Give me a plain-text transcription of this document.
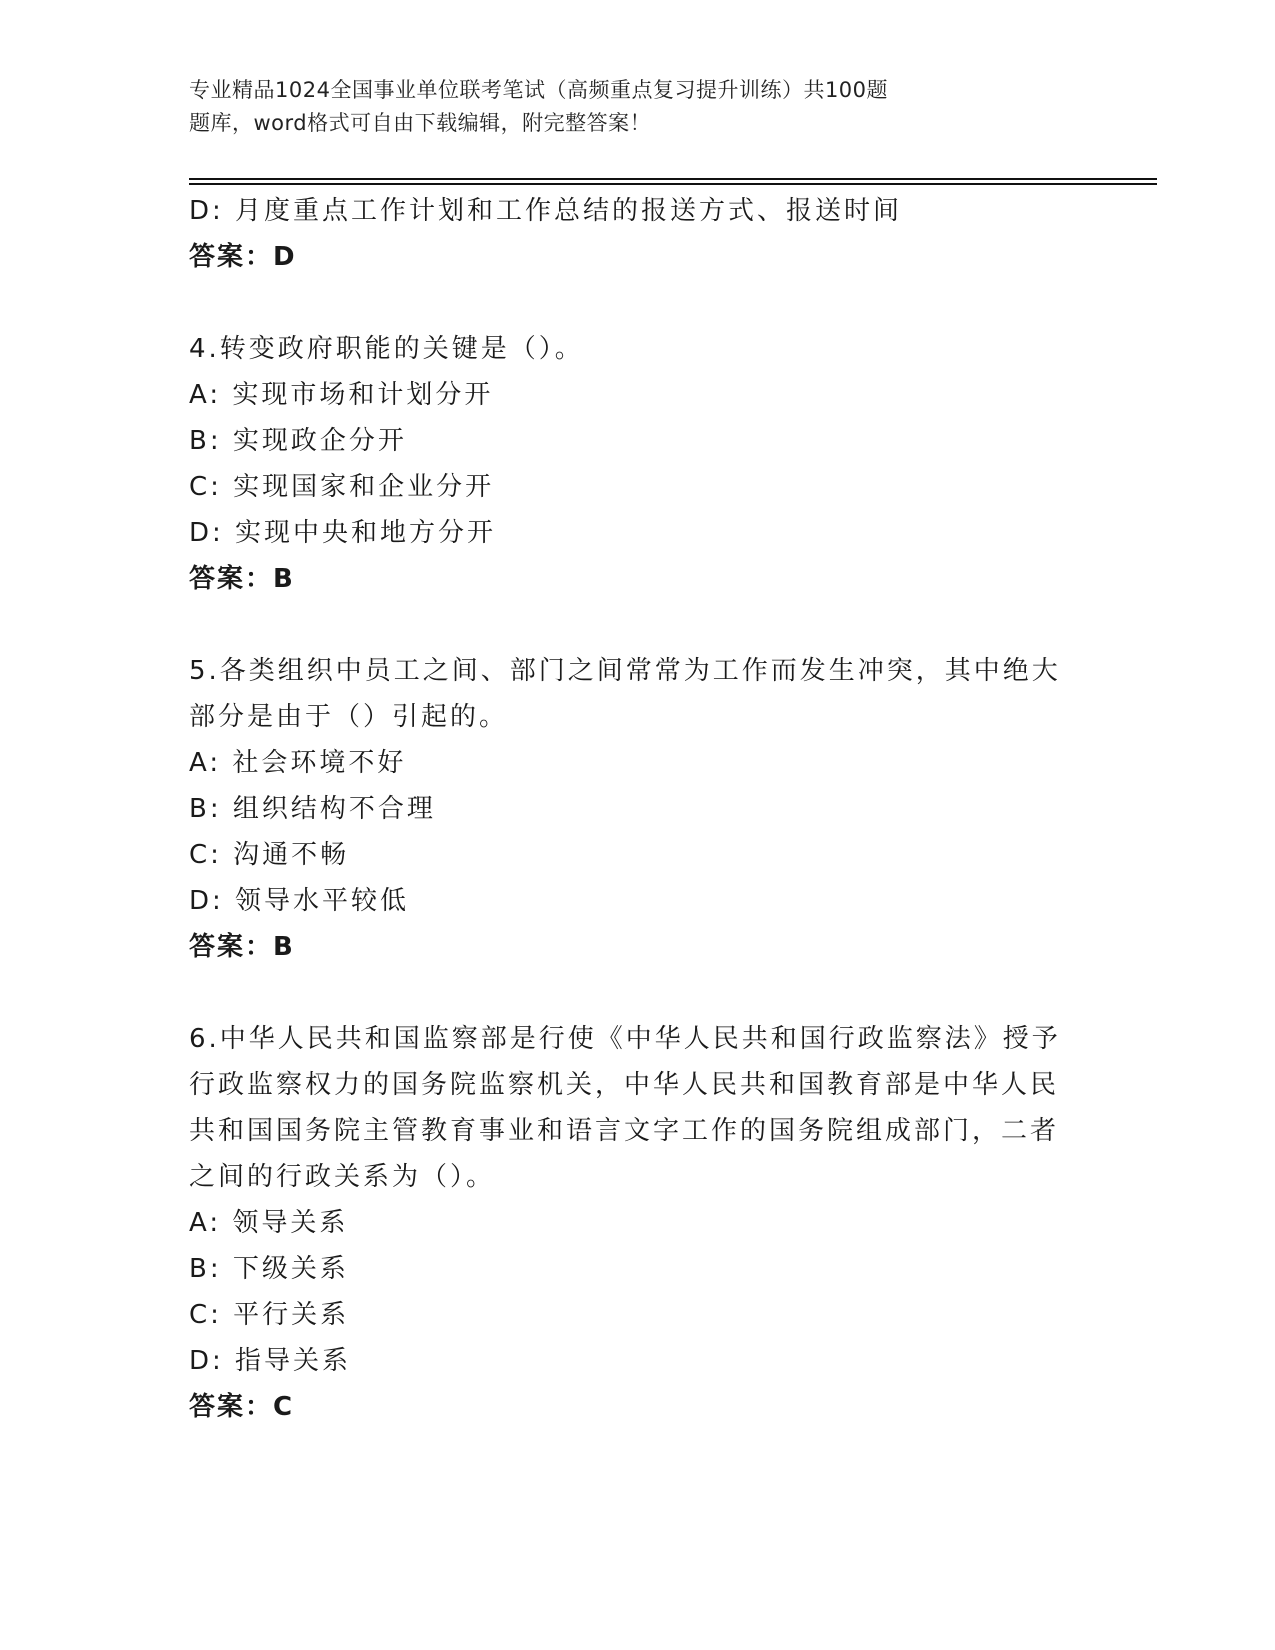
专业精品1024全国事业单位联考笔试（高频重点复习提升训练）共100题
题库，word格式可自由下载编辑，附完整答案！
D: 月度重点工作计划和工作总结的报送方式、报送时间
答案：D
4.转变政府职能的关键是（）。
A: 实现市场和计划分开
B: 实现政企分开
C: 实现国家和企业分开
D: 实现中央和地方分开
答案：B
5.各类组织中员工之间、部门之间常常为工作而发生冲突，其中绝大
部分是由于（）引起的。
A: 社会环境不好
B: 组织结构不合理
C: 沟通不畅
D: 领导水平较低
答案：B
6.中华人民共和国监察部是行使《中华人民共和国行政监察法》授予
行政监察权力的国务院监察机关，中华人民共和国教育部是中华人民
共和国国务院主管教育事业和语言文字工作的国务院组成部门，二者
之间的行政关系为（）。
A: 领导关系
B: 下级关系
C: 平行关系
D: 指导关系
答案：C
